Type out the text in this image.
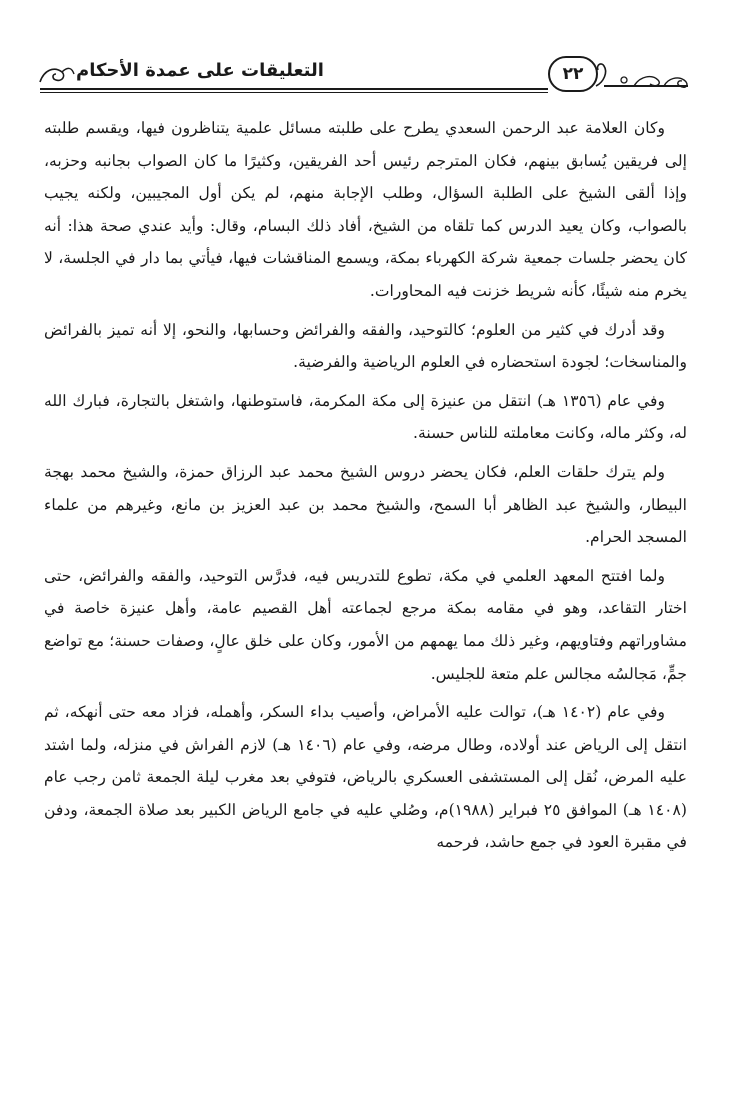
التعليقات على عمدة الأحكام	٢٢

وكان العلامة عبد الرحمن السعدي يطرح على طلبته مسائل علمية يتناظرون فيها، ويقسم طلبته إلى فريقين يُسابق بينهم، فكان المترجم رئيس أحد الفريقين، وكثيرًا ما كان الصواب بجانبه وحزبه، وإذا ألقى الشيخ على الطلبة السؤال، وطلب الإجابة منهم، لم يكن أول المجيبين، ولكنه يجيب بالصواب، وكان يعيد الدرس كما تلقاه من الشيخ، أفاد ذلك البسام، وقال: وأيد عندي صحة هذا: أنه كان يحضر جلسات جمعية شركة الكهرباء بمكة، ويسمع المناقشات فيها، فيأتي بما دار في الجلسة، لا يخرم منه شيئًا، كأنه شريط خزنت فيه المحاورات.

وقد أدرك في كثير من العلوم؛ كالتوحيد، والفقه والفرائض وحسابها، والنحو، إلا أنه تميز بالفرائض والمناسخات؛ لجودة استحضاره في العلوم الرياضية والفرضية.

وفي عام (١٣٥٦ هـ) انتقل من عنيزة إلى مكة المكرمة، فاستوطنها، واشتغل بالتجارة، فبارك الله له، وكثر ماله، وكانت معاملته للناس حسنة.

ولم يترك حلقات العلم، فكان يحضر دروس الشيخ محمد عبد الرزاق حمزة، والشيخ محمد بهجة البيطار، والشيخ عبد الظاهر أبا السمح، والشيخ محمد بن عبد العزيز بن مانع، وغيرهم من علماء المسجد الحرام.

ولما افتتح المعهد العلمي في مكة، تطوع للتدريس فيه، فدرَّس التوحيد، والفقه والفرائض، حتى اختار التقاعد، وهو في مقامه بمكة مرجع لجماعته أهل القصيم عامة، وأهل عنيزة خاصة في مشاوراتهم وفتاويهم، وغير ذلك مما يهمهم من الأمور، وكان على خلق عالٍ، وصفات حسنة؛ مع تواضع جمٍّ، مَجالسُه مجالس علم متعة للجليس.

وفي عام (١٤٠٢ هـ)، توالت عليه الأمراض، وأصيب بداء السكر، وأهمله، فزاد معه حتى أنهكه، ثم انتقل إلى الرياض عند أولاده، وطال مرضه، وفي عام (١٤٠٦ هـ) لازم الفراش في منزله، ولما اشتد عليه المرض، نُقل إلى المستشفى العسكري بالرياض، فتوفي بعد مغرب ليلة الجمعة ثامن رجب عام (١٤٠٨ هـ) الموافق ٢٥ فبراير (١٩٨٨)م، وصُلي عليه في جامع الرياض الكبير بعد صلاة الجمعة، ودفن في مقبرة العود في جمع حاشد، فرحمه
